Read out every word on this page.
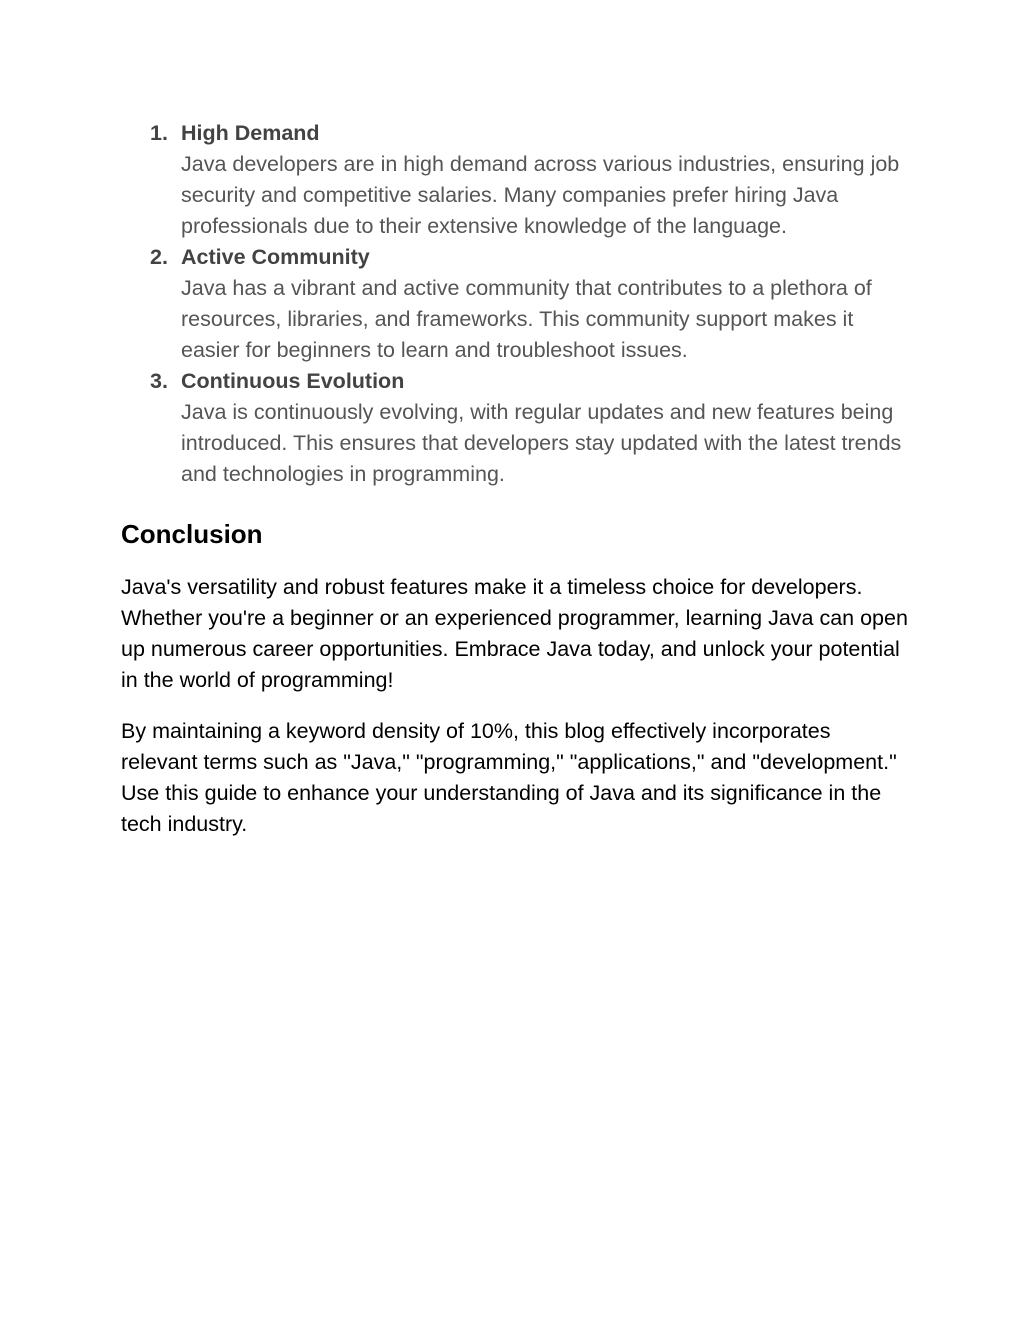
1. High Demand
Java developers are in high demand across various industries, ensuring job security and competitive salaries. Many companies prefer hiring Java professionals due to their extensive knowledge of the language.
2. Active Community
Java has a vibrant and active community that contributes to a plethora of resources, libraries, and frameworks. This community support makes it easier for beginners to learn and troubleshoot issues.
3. Continuous Evolution
Java is continuously evolving, with regular updates and new features being introduced. This ensures that developers stay updated with the latest trends and technologies in programming.
Conclusion

Java's versatility and robust features make it a timeless choice for developers. Whether you're a beginner or an experienced programmer, learning Java can open up numerous career opportunities. Embrace Java today, and unlock your potential in the world of programming!

By maintaining a keyword density of 10%, this blog effectively incorporates relevant terms such as "Java," "programming," "applications," and "development." Use this guide to enhance your understanding of Java and its significance in the tech industry.
